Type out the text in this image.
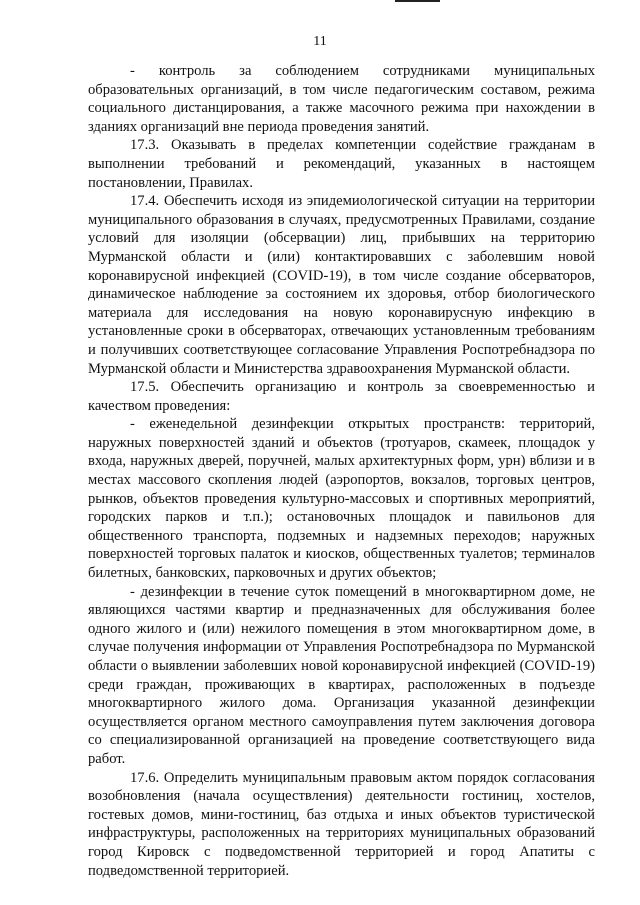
11

- контроль за соблюдением сотрудниками муниципальных образовательных организаций, в том числе педагогическим составом, режима социального дистанцирования, а также масочного режима при нахождении в зданиях организаций вне периода проведения занятий.

17.3. Оказывать в пределах компетенции содействие гражданам в выполнении требований и рекомендаций, указанных в настоящем постановлении, Правилах.

17.4. Обеспечить исходя из эпидемиологической ситуации на территории муниципального образования в случаях, предусмотренных Правилами, создание условий для изоляции (обсервации) лиц, прибывших на территорию Мурманской области и (или) контактировавших с заболевшим новой коронавирусной инфекцией (COVID-19), в том числе создание обсерваторов, динамическое наблюдение за состоянием их здоровья, отбор биологического материала для исследования на новую коронавирусную инфекцию в установленные сроки в обсерваторах, отвечающих установленным требованиям и получивших соответствующее согласование Управления Роспотребнадзора по Мурманской области и Министерства здравоохранения Мурманской области.

17.5. Обеспечить организацию и контроль за своевременностью и качеством проведения:

- еженедельной дезинфекции открытых пространств: территорий, наружных поверхностей зданий и объектов (тротуаров, скамеек, площадок у входа, наружных дверей, поручней, малых архитектурных форм, урн) вблизи и в местах массового скопления людей (аэропортов, вокзалов, торговых центров, рынков, объектов проведения культурно-массовых и спортивных мероприятий, городских парков и т.п.); остановочных площадок и павильонов для общественного транспорта, подземных и надземных переходов; наружных поверхностей торговых палаток и киосков, общественных туалетов; терминалов билетных, банковских, парковочных и других объектов;

- дезинфекции в течение суток помещений в многоквартирном доме, не являющихся частями квартир и предназначенных для обслуживания более одного жилого и (или) нежилого помещения в этом многоквартирном доме, в случае получения информации от Управления Роспотребнадзора по Мурманской области о выявлении заболевших новой коронавирусной инфекцией (COVID-19) среди граждан, проживающих в квартирах, расположенных в подъезде многоквартирного жилого дома. Организация указанной дезинфекции осуществляется органом местного самоуправления путем заключения договора со специализированной организацией на проведение соответствующего вида работ.

17.6. Определить муниципальным правовым актом порядок согласования возобновления (начала осуществления) деятельности гостиниц, хостелов, гостевых домов, мини-гостиниц, баз отдыха и иных объектов туристической инфраструктуры, расположенных на территориях муниципальных образований город Кировск с подведомственной территорией и город Апатиты с подведомственной территорией.
